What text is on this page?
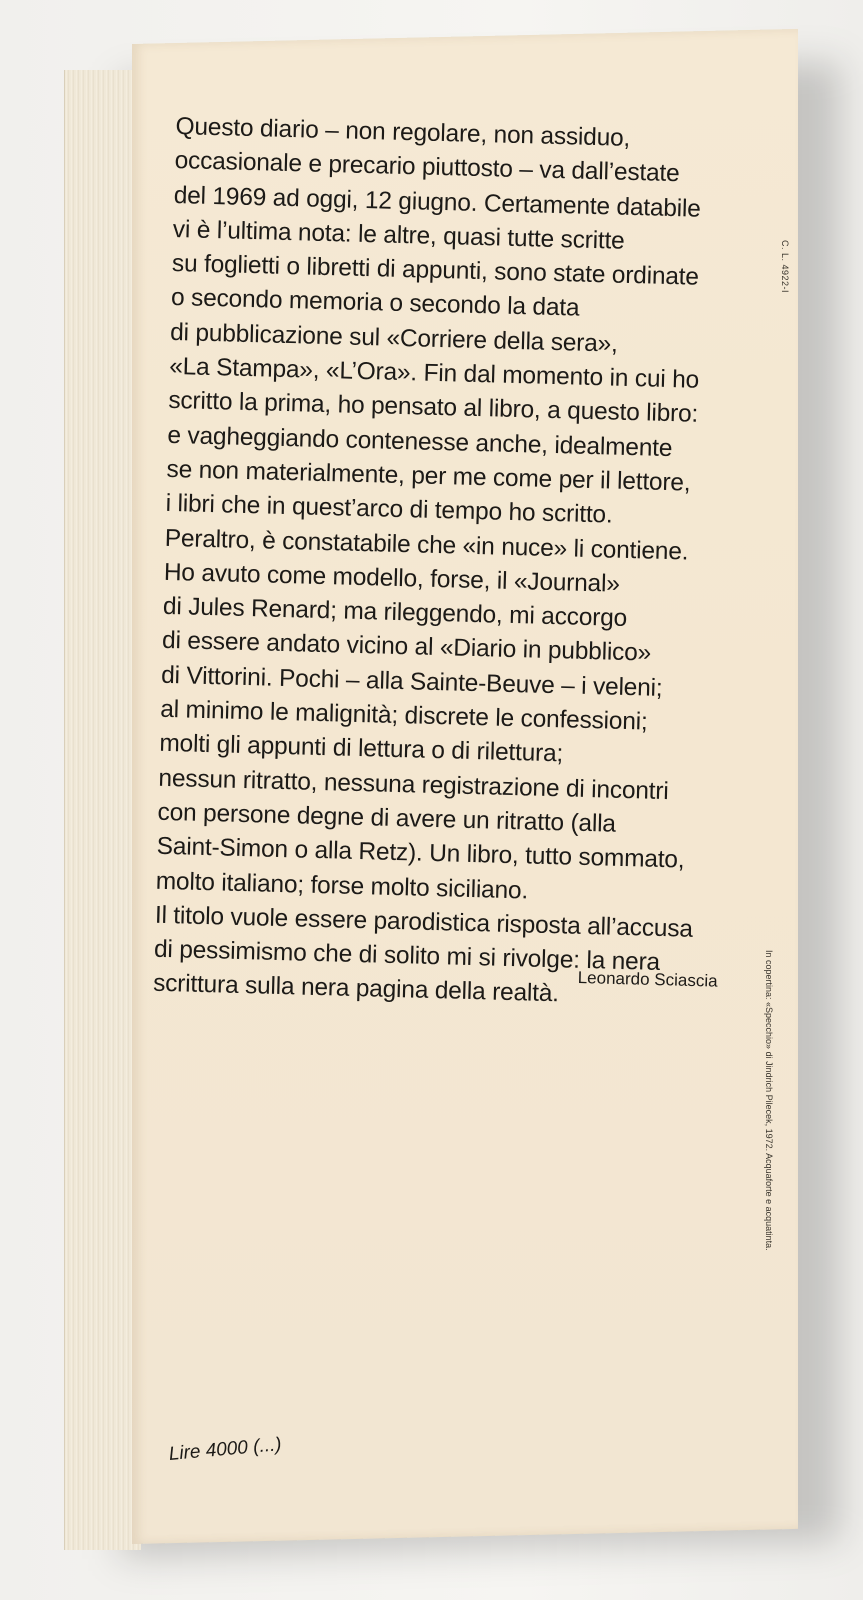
Questo diario – non regolare, non assiduo,
occasionale e precario piuttosto – va dall’estate
del 1969 ad oggi, 12 giugno. Certamente databile
vi è l’ultima nota: le altre, quasi tutte scritte
su foglietti o libretti di appunti, sono state ordinate
o secondo memoria o secondo la data
di pubblicazione sul «Corriere della sera»,
«La Stampa», «L’Ora». Fin dal momento in cui ho
scritto la prima, ho pensato al libro, a questo libro:
e vagheggiando contenesse anche, idealmente
se non materialmente, per me come per il lettore,
i libri che in quest’arco di tempo ho scritto.
Peraltro, è constatabile che «in nuce» li contiene.
Ho avuto come modello, forse, il «Journal»
di Jules Renard; ma rileggendo, mi accorgo
di essere andato vicino al «Diario in pubblico»
di Vittorini. Pochi – alla Sainte-Beuve – i veleni;
al minimo le malignità; discrete le confessioni;
molti gli appunti di lettura o di rilettura;
nessun ritratto, nessuna registrazione di incontri
con persone degne di avere un ritratto (alla
Saint-Simon o alla Retz). Un libro, tutto sommato,
molto italiano; forse molto siciliano.
Il titolo vuole essere parodistica risposta all’accusa
di pessimismo che di solito mi si rivolge: la nera
scrittura sulla nera pagina della realtà.	Leonardo Sciascia
C. L. 4922-I
In copertina: «Specchio» di Jindrich Pilecek, 1972. Acquaforte e acquatinta.
Lire 4000 (...)
